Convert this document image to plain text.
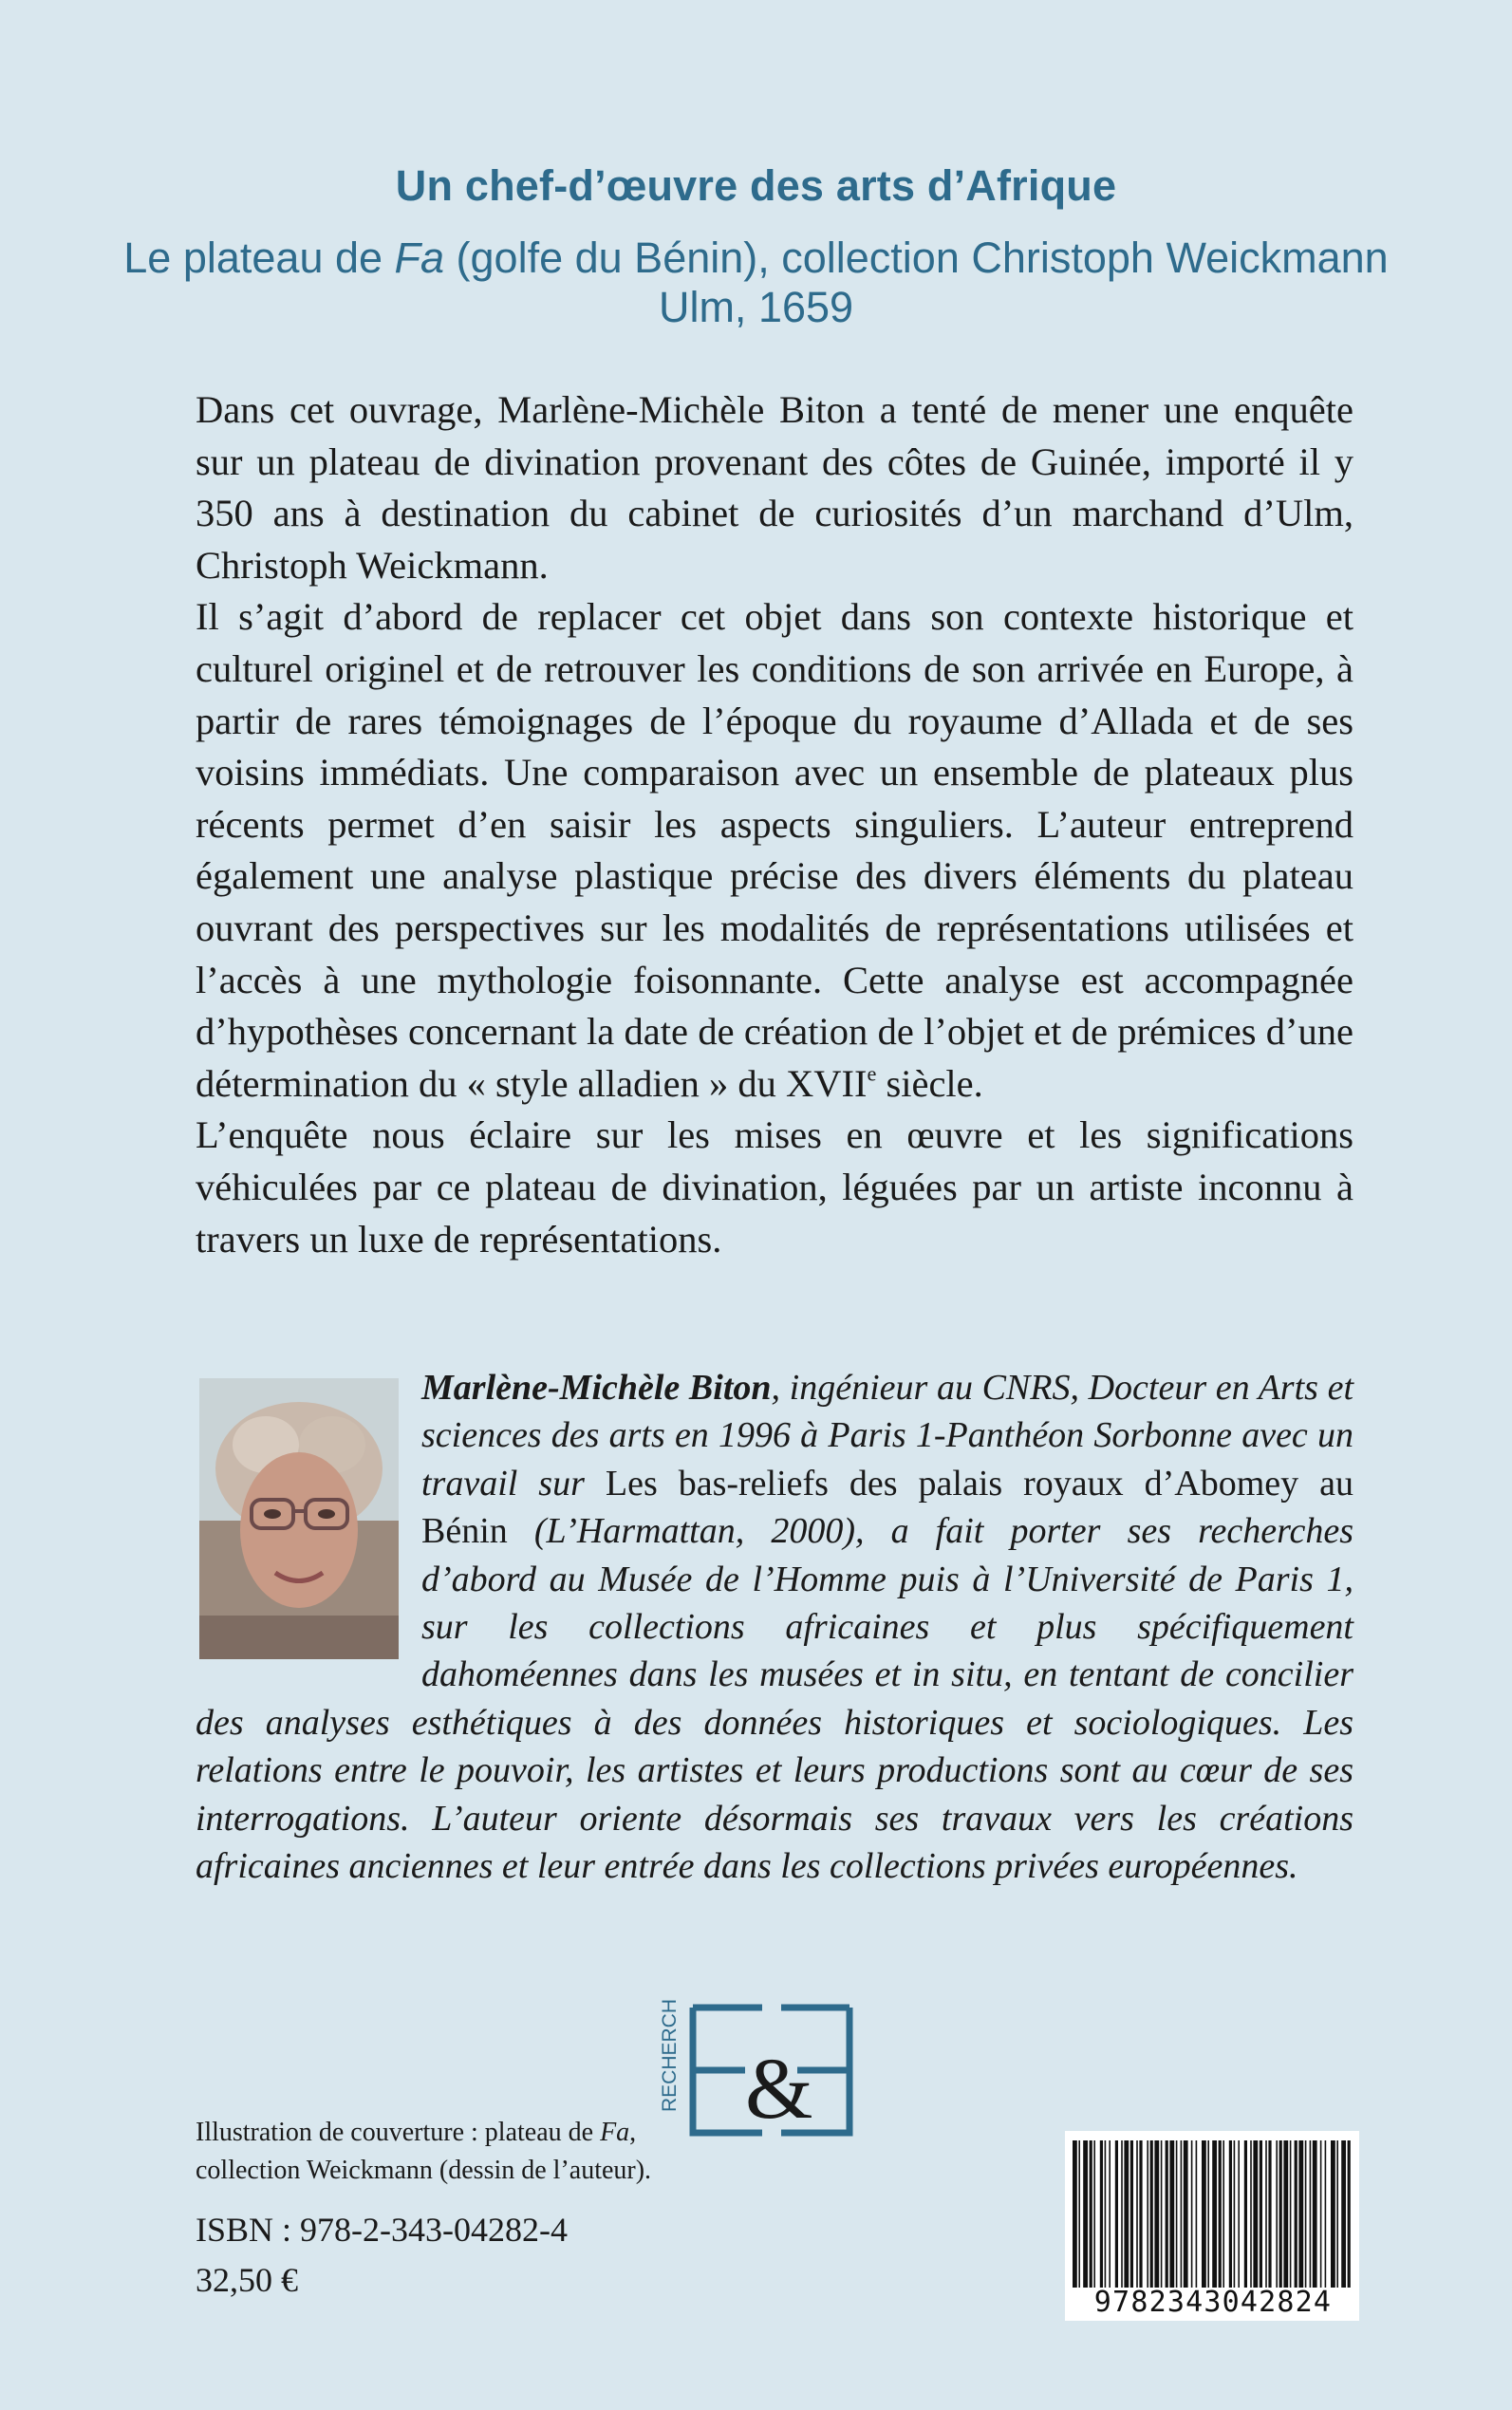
Un chef-d’œuvre des arts d’Afrique
Le plateau de Fa (golfe du Bénin), collection Christoph Weickmann
Ulm, 1659

Dans cet ouvrage, Marlène-Michèle Biton a tenté de mener une enquête sur un plateau de divination provenant des côtes de Guinée, importé il y 350 ans à destination du cabinet de curiosités d’un marchand d’Ulm, Christoph Weickmann.

Il s’agit d’abord de replacer cet objet dans son contexte historique et culturel originel et de retrouver les conditions de son arrivée en Europe, à partir de rares témoignages de l’époque du royaume d’Allada et de ses voisins immédiats. Une comparaison avec un ensemble de plateaux plus récents permet d’en saisir les aspects singuliers. L’auteur entreprend également une analyse plastique précise des divers éléments du plateau ouvrant des perspectives sur les modalités de représentations utilisées et l’accès à une mythologie foisonnante. Cette analyse est accompagnée d’hypothèses concernant la date de création de l’objet et de prémices d’une détermination du « style alladien » du XVIIe siècle.

L’enquête nous éclaire sur les mises en œuvre et les significations véhiculées par ce plateau de divination, léguées par un artiste inconnu à travers un luxe de représentations.

Marlène-Michèle Biton, ingénieur au CNRS, Docteur en Arts et sciences des arts en 1996 à Paris 1-Panthéon Sorbonne avec un travail sur Les bas-reliefs des palais royaux d’Abomey au Bénin (L’Harmattan, 2000), a fait porter ses recherches d’abord au Musée de l’Homme puis à l’Université de Paris 1, sur les collections africaines et plus spécifiquement dahoméennes dans les musées et in situ, en tentant de concilier des analyses esthétiques à des données historiques et sociologiques. Les relations entre le pouvoir, les artistes et leurs productions sont au cœur de ses interrogations. L’auteur oriente désormais ses travaux vers les créations africaines anciennes et leur entrée dans les collections privées européennes.
RECHERCHE &
Illustration de couverture : plateau de Fa,
collection Weickmann (dessin de l’auteur).
ISBN : 978-2-343-04282-4
32,50 €
9782343042824
